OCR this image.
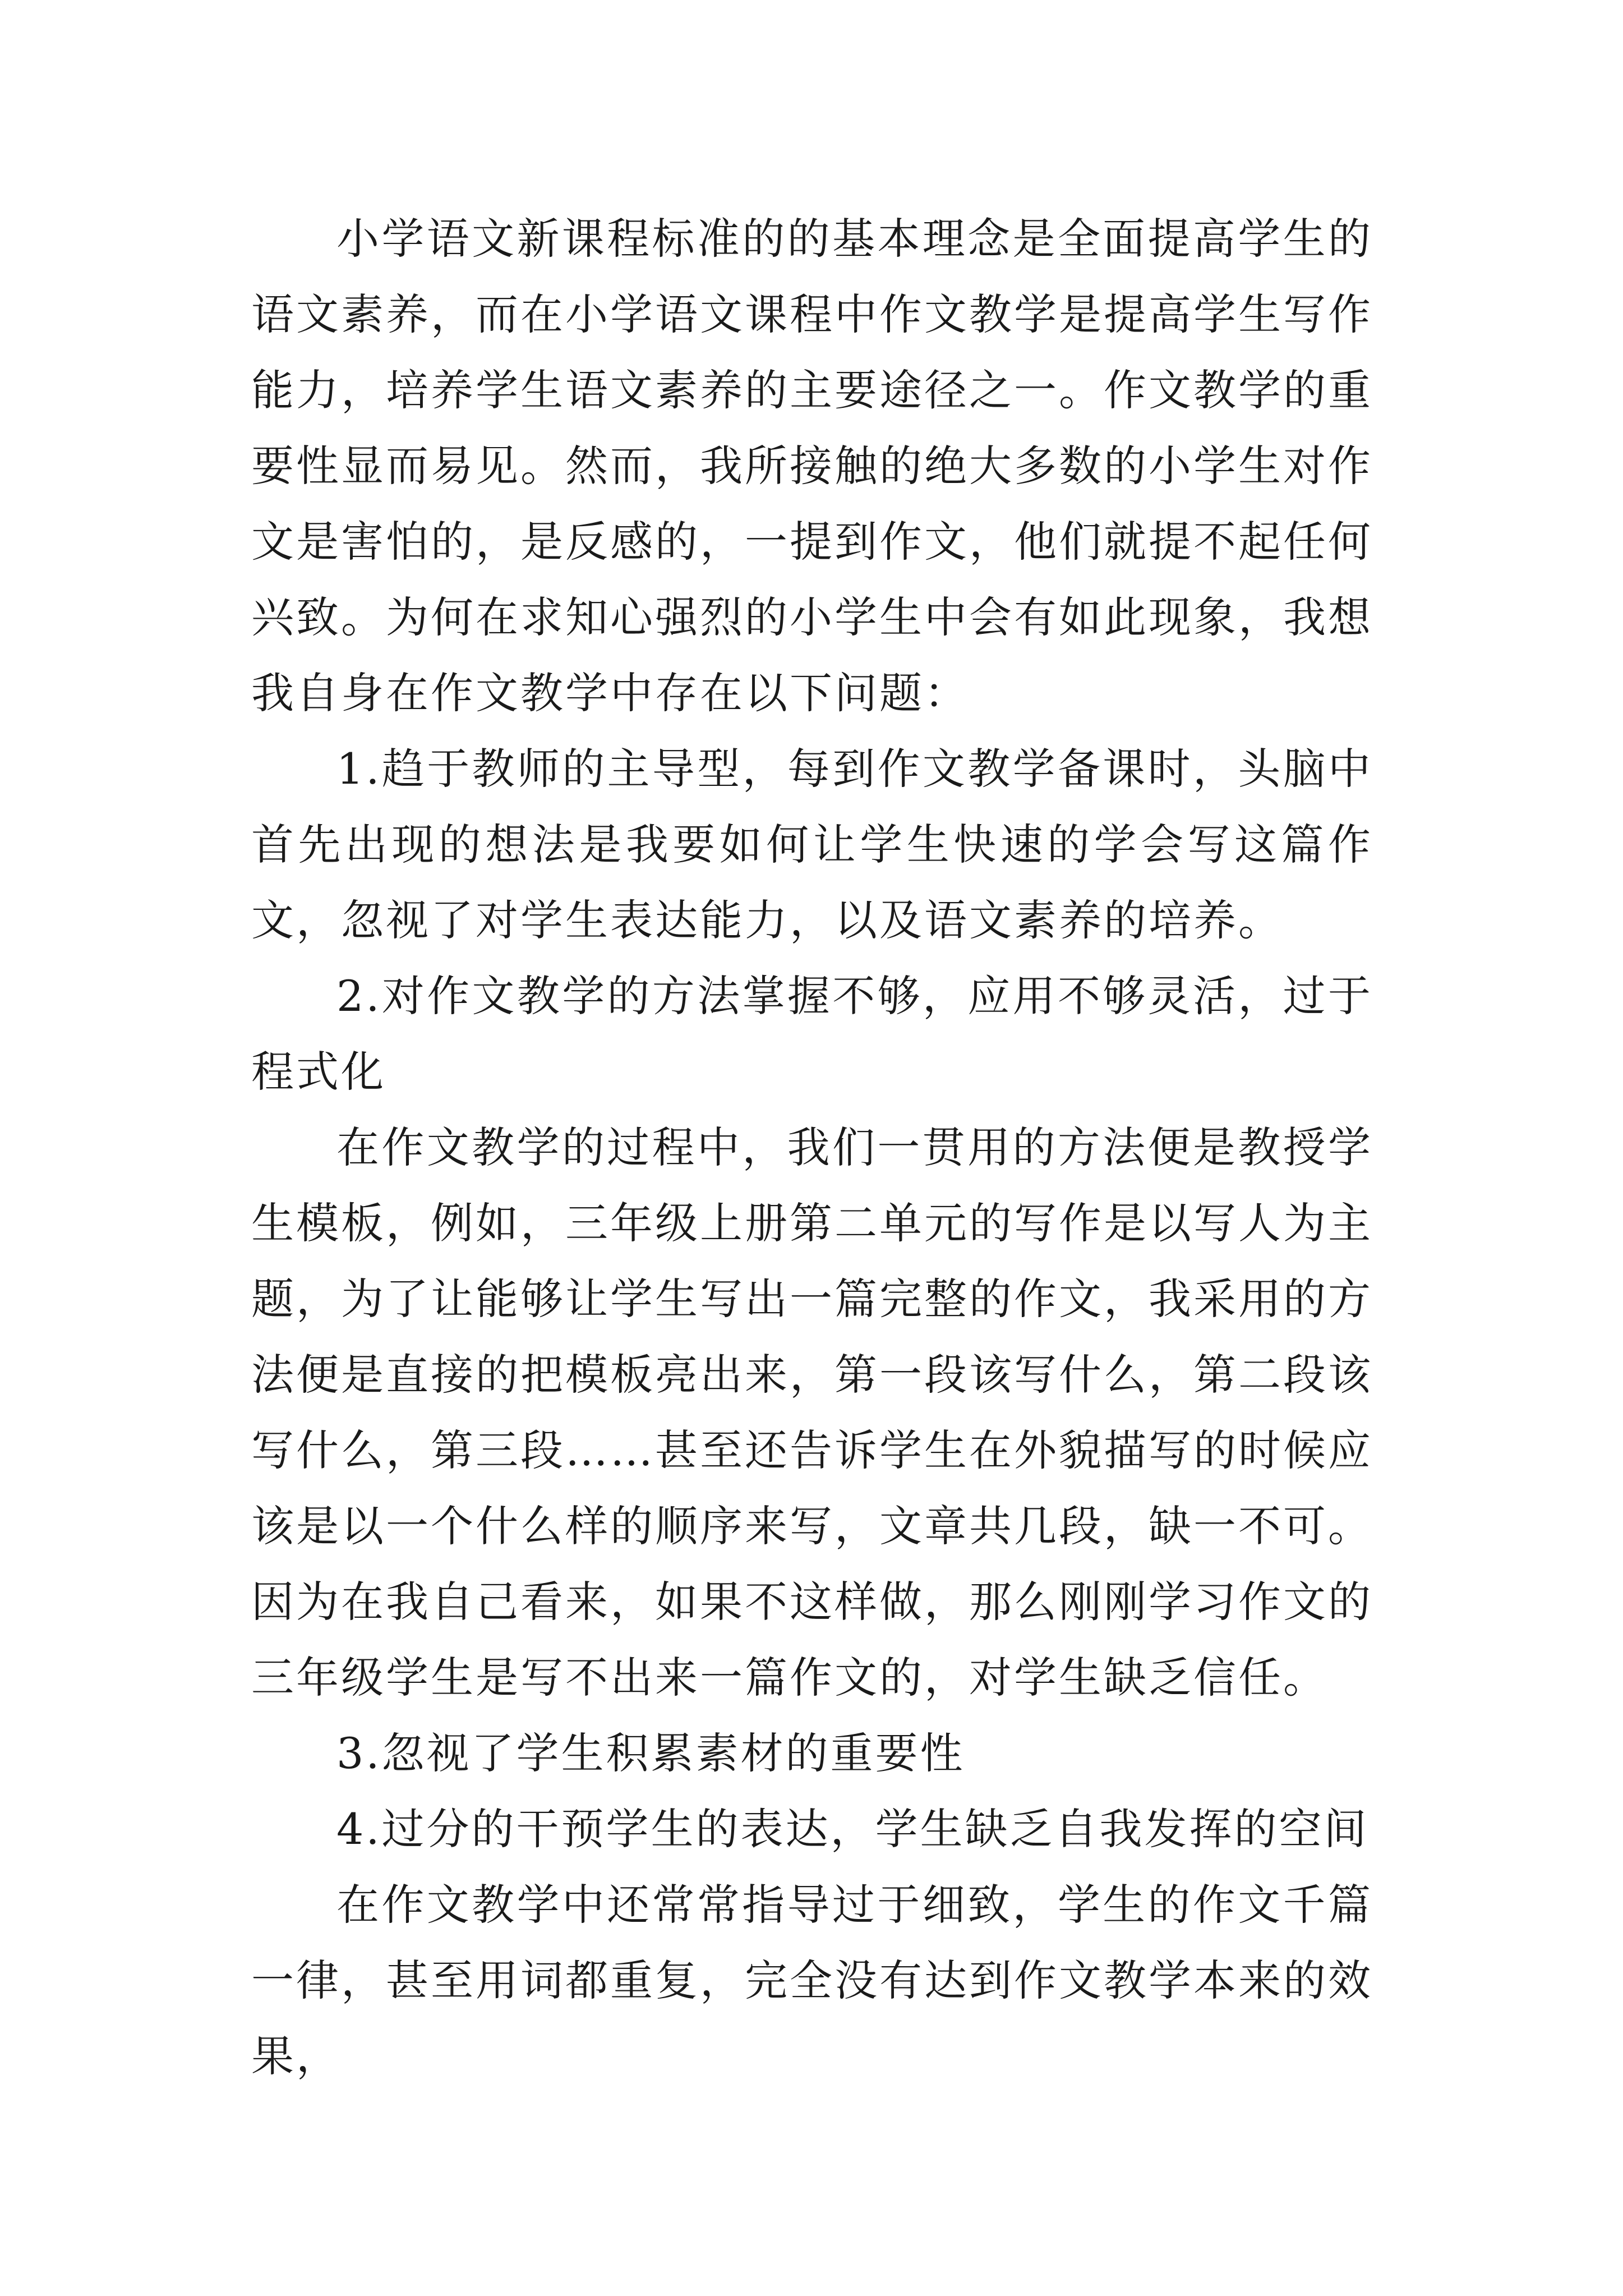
小学语文新课程标准的的基本理念是全面提高学生的语文素养，而在小学语文课程中作文教学是提高学生写作能力，培养学生语文素养的主要途径之一。作文教学的重要性显而易见。然而，我所接触的绝大多数的小学生对作文是害怕的，是反感的，一提到作文，他们就提不起任何兴致。为何在求知心强烈的小学生中会有如此现象，我想我自身在作文教学中存在以下问题：

1.趋于教师的主导型，每到作文教学备课时，头脑中首先出现的想法是我要如何让学生快速的学会写这篇作文，忽视了对学生表达能力，以及语文素养的培养。

2.对作文教学的方法掌握不够，应用不够灵活，过于程式化

在作文教学的过程中，我们一贯用的方法便是教授学生模板，例如，三年级上册第二单元的写作是以写人为主题，为了让能够让学生写出一篇完整的作文，我采用的方法便是直接的把模板亮出来，第一段该写什么，第二段该写什么，第三段……甚至还告诉学生在外貌描写的时候应该是以一个什么样的顺序来写，文章共几段，缺一不可。因为在我自己看来，如果不这样做，那么刚刚学习作文的三年级学生是写不出来一篇作文的，对学生缺乏信任。

3.忽视了学生积累素材的重要性

4.过分的干预学生的表达，学生缺乏自我发挥的空间

在作文教学中还常常指导过于细致，学生的作文千篇一律，甚至用词都重复，完全没有达到作文教学本来的效果，
